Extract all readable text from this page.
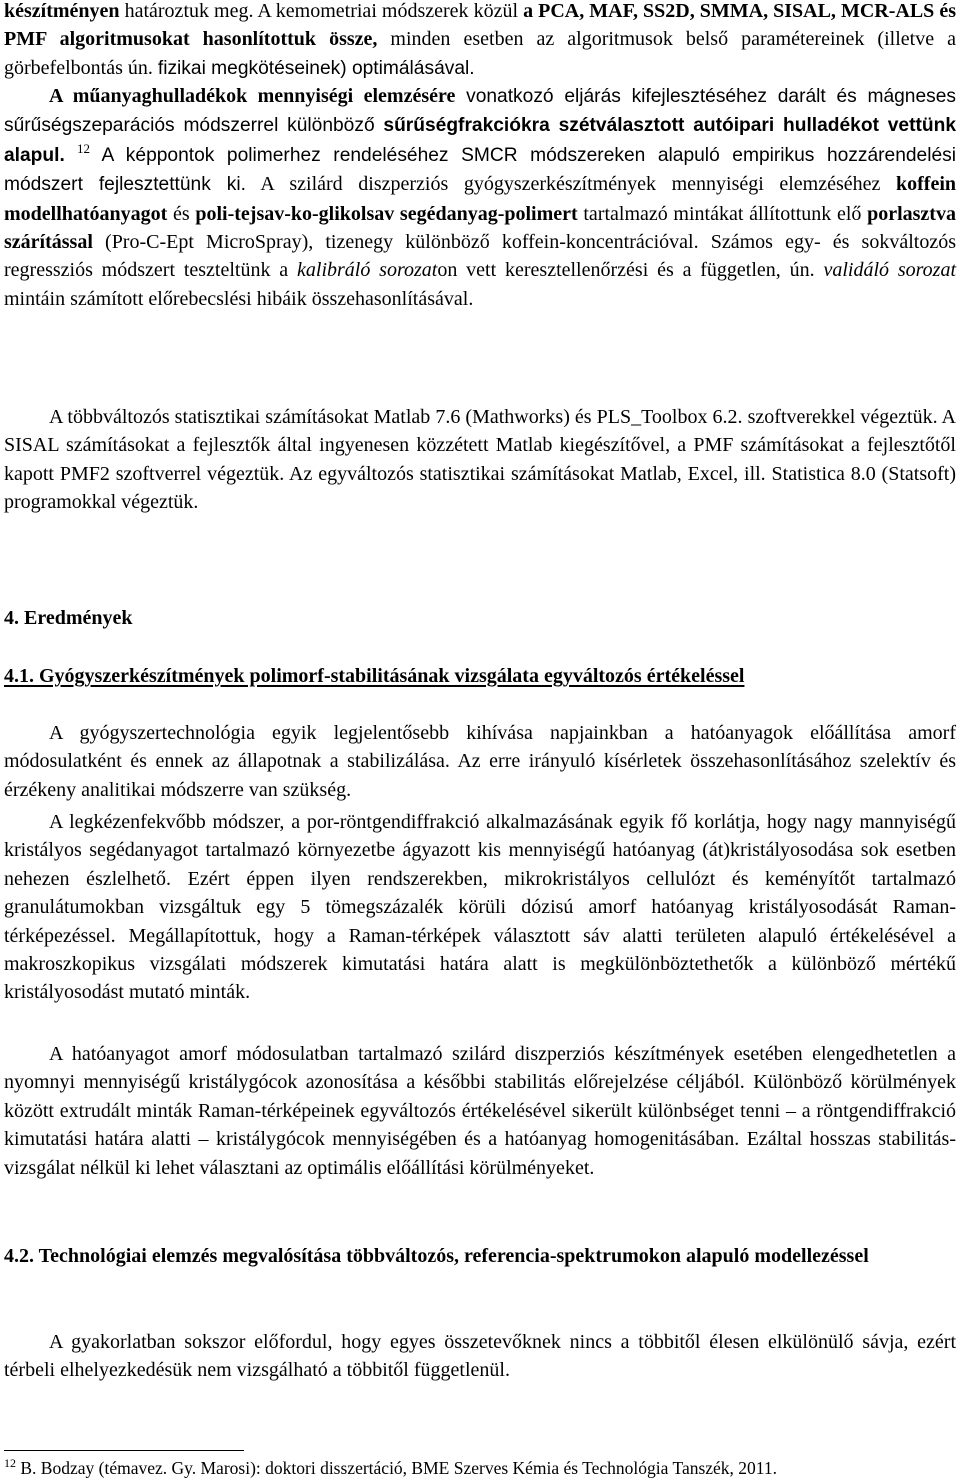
készítményen határoztuk meg. A kemometriai módszerek közül a PCA, MAF, SS2D, SMMA, SISAL, MCR-ALS és PMF algoritmusokat hasonlítottuk össze, minden esetben az algoritmusok belső paramétereinek (illetve a görbefelbontás ún. fizikai megkötéseinek) optimálásával.

A műanyaghulladékok mennyiségi elemzésére vonatkozó eljárás kifejlesztéséhez darált és mágneses sűrűségszeparációs módszerrel különböző sűrűségfrakciókra szétválasztott autóipari hulladékot vettünk alapul. $^{12}$ A képpontok polimerhez rendeléséhez SMCR módszereken alapuló empirikus hozzárendelési módszert fejlesztettünk ki. A szilárd diszperziós gyógyszerkészítmények mennyiségi elemzéséhez koffein modellhatóanyagot és poli-tejsav-ko-glikolsav segédanyag-polimert tartalmazó mintákat állítottunk elő porlasztva szárítással (Pro-C-Ept MicroSpray), tizenegy különböző koffein-koncentrációval. Számos egy- és sokváltozós regressziós módszert teszteltünk a kalibráló sorozaton vett keresztellenőrzési és a független, ún. validáló sorozat mintáin számított előrebecslési hibáik összehasonlításával.

A többváltozós statisztikai számításokat Matlab 7.6 (Mathworks) és PLS_Toolbox 6.2. szoftverekkel végeztük. A SISAL számításokat a fejlesztők által ingyenesen közzétett Matlab kiegészítővel, a PMF számításokat a fejlesztőtől kapott PMF2 szoftverrel végeztük. Az egyváltozós statisztikai számításokat Matlab, Excel, ill. Statistica 8.0 (Statsoft) programokkal végeztük.

4. Eredmények

4.1. Gyógyszerkészítmények polimorf-stabilitásának vizsgálata egyváltozós értékeléssel

A gyógyszertechnológia egyik legjelentősebb kihívása napjainkban a hatóanyagok előállítása amorf módosulatként és ennek az állapotnak a stabilizálása. Az erre irányuló kísérletek összehasonlításához szelektív és érzékeny analitikai módszerre van szükség.

A legkézenfekvőbb módszer, a por-röntgendiffrakció alkalmazásának egyik fő korlátja, hogy nagy mannyiségű kristályos segédanyagot tartalmazó környezetbe ágyazott kis mennyiségű hatóanyag (át)kristályosodása sok esetben nehezen észlelhető. Ezért éppen ilyen rendszerekben, mikrokristályos cellulózt és keményítőt tartalmazó granulátumokban vizsgáltuk egy 5 tömegszázalék körüli dózisú amorf hatóanyag kristályosodását Raman-térképezéssel. Megállapítottuk, hogy a Raman-térképek választott sáv alatti területen alapuló értékelésével a makroszkopikus vizsgálati módszerek kimutatási határa alatt is megkülönböztethetők a különböző mértékű kristályosodást mutató minták.

A hatóanyagot amorf módosulatban tartalmazó szilárd diszperziós készítmények esetében elengedhetetlen a nyomnyi mennyiségű kristálygócok azonosítása a későbbi stabilitás előrejelzése céljából. Különböző körülmények között extrudált minták Raman-térképeinek egyváltozós értékelésével sikerült különbséget tenni – a röntgendiffrakció kimutatási határa alatti – kristálygócok mennyiségében és a hatóanyag homogenitásában. Ezáltal hosszas stabilitás-vizsgálat nélkül ki lehet választani az optimális előállítási körülményeket.

4.2. Technológiai elemzés megvalósítása többváltozós, referencia-spektrumokon alapuló modellezéssel

A gyakorlatban sokszor előfordul, hogy egyes összetevőknek nincs a többitől élesen elkülönülő sávja, ezért térbeli elhelyezkedésük nem vizsgálható a többitől függetlenül.

$^{12}$ B. Bodzay (témavez. Gy. Marosi): doktori disszertáció, BME Szerves Kémia és Technológia Tanszék, 2011.
